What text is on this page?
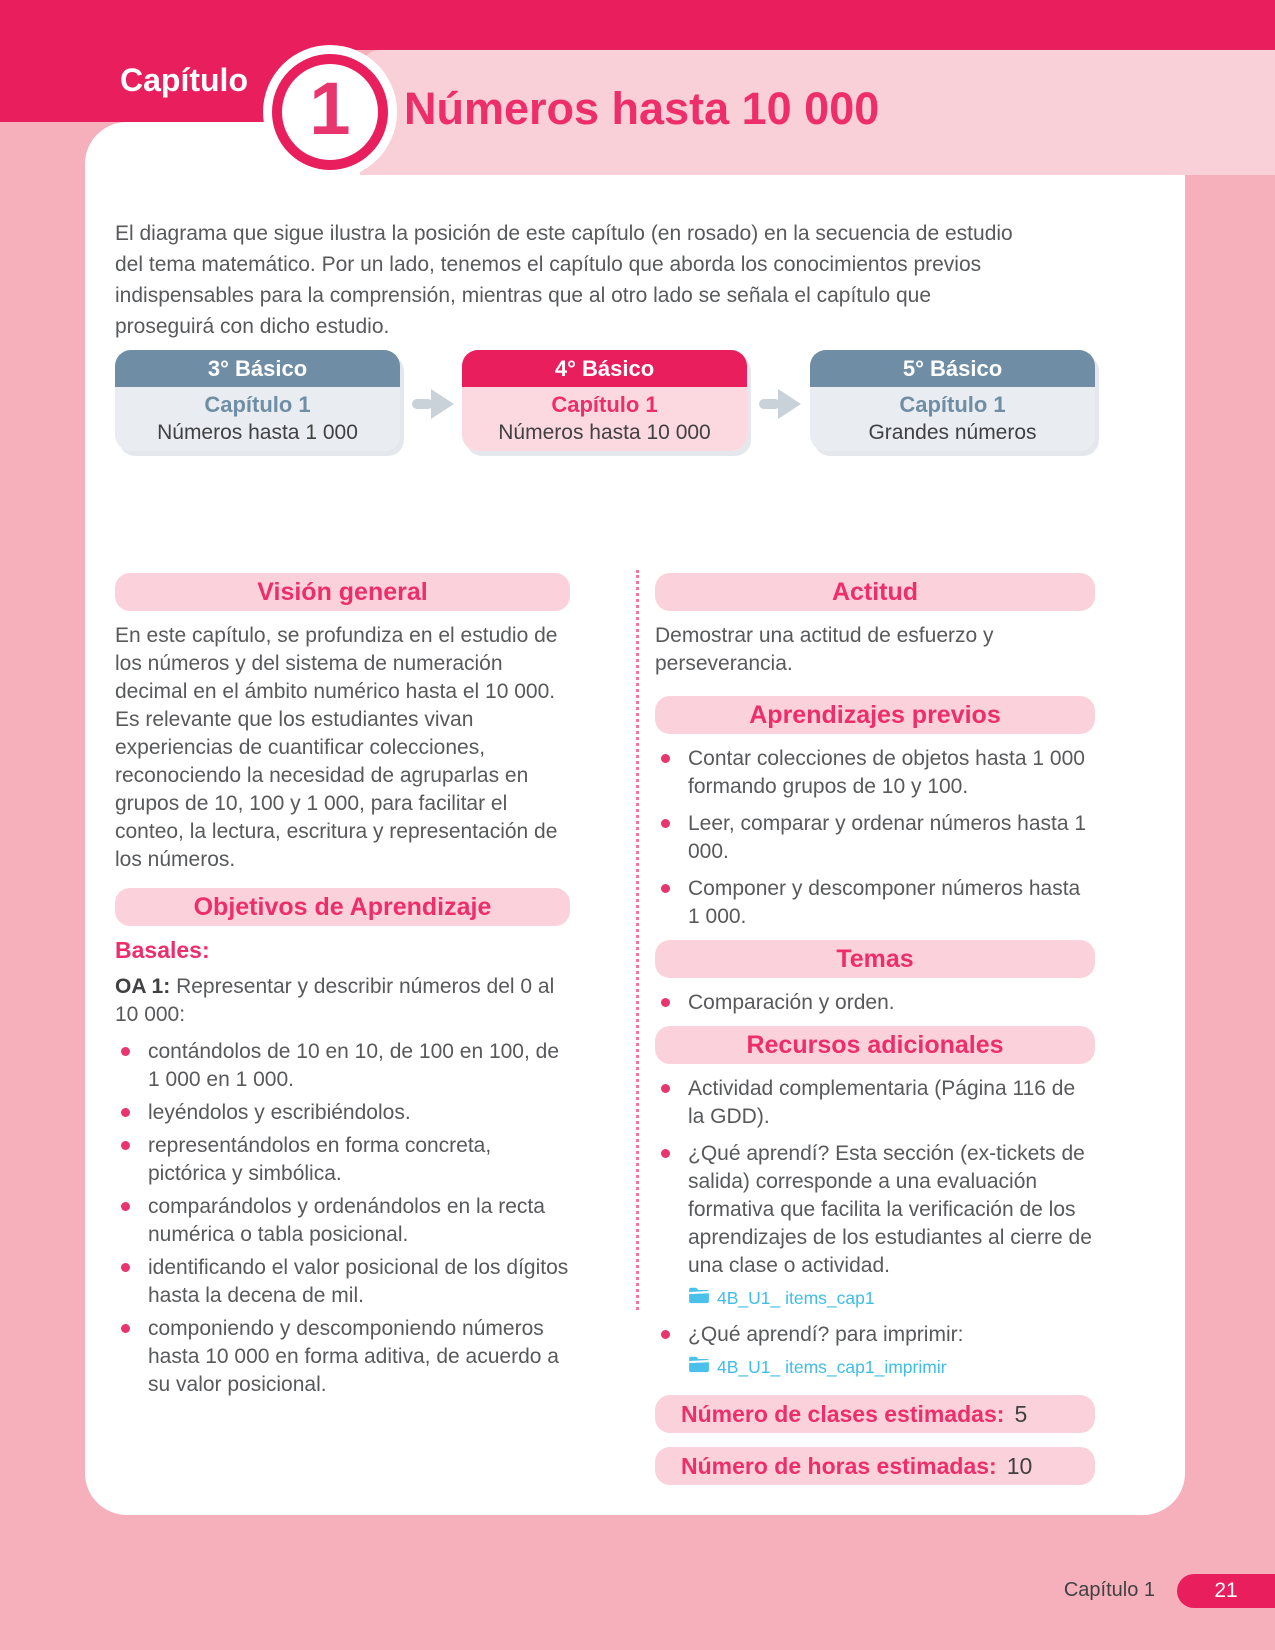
Capítulo 1 Números hasta 10 000

El diagrama que sigue ilustra la posición de este capítulo (en rosado) en la secuencia de estudio del tema matemático. Por un lado, tenemos el capítulo que aborda los conocimientos previos indispensables para la comprensión, mientras que al otro lado se señala el capítulo que proseguirá con dicho estudio.

3° Básico
Capítulo 1
Números hasta 1 000
4° Básico
Capítulo 1
Números hasta 10 000
5° Básico
Capítulo 1
Grandes números
Visión general

En este capítulo, se profundiza en el estudio de los números y del sistema de numeración decimal en el ámbito numérico hasta el 10 000. Es relevante que los estudiantes vivan experiencias de cuantificar colecciones, reconociendo la necesidad de agruparlas en grupos de 10, 100 y 1 000, para facilitar el conteo, la lectura, escritura y representación de los números.

Objetivos de Aprendizaje
Basales:

OA 1: Representar y describir números del 0 al 10 000:

contándolos de 10 en 10, de 100 en 100, de 1 000 en 1 000.
leyéndolos y escribiéndolos.
representándolos en forma concreta, pictórica y simbólica.
comparándolos y ordenándolos en la recta numérica o tabla posicional.
identificando el valor posicional de los dígitos hasta la decena de mil.
componiendo y descomponiendo números hasta 10 000 en forma aditiva, de acuerdo a su valor posicional.
Actitud

Demostrar una actitud de esfuerzo y perseverancia.

Aprendizajes previos
Contar colecciones de objetos hasta 1 000 formando grupos de 10 y 100.
Leer, comparar y ordenar números hasta 1 000.
Componer y descomponer números hasta 1 000.
Temas
Comparación y orden.
Recursos adicionales
Actividad complementaria (Página 116 de la GDD).
¿Qué aprendí? Esta sección (ex-tickets de salida) corresponde a una evaluación formativa que facilita la verificación de los aprendizajes de los estudiantes al cierre de una clase o actividad.
4B_U1_ items_cap1
¿Qué aprendí? para imprimir:
4B_U1_ items_cap1_imprimir
Número de clases estimadas: 5
Número de horas estimadas: 10
Capítulo 1	21
